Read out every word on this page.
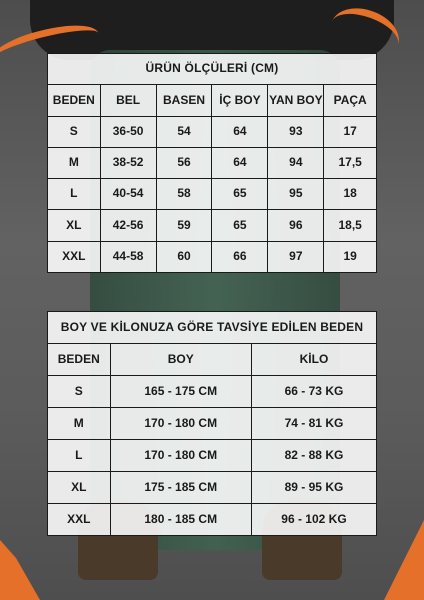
ÜRÜN ÖLÇÜLERİ (CM)					
BEDEN	BEL	BASEN	İÇ BOY	YAN BOY	PAÇA
S	36-50	54	64	93	17
M	38-52	56	64	94	17,5
L	40-54	58	65	95	18
XL	42-56	59	65	96	18,5
XXL	44-58	60	66	97	19
BOY VE KİLONUZA GÖRE TAVSİYE EDİLEN BEDEN		
BEDEN	BOY	KİLO
S	165 - 175 CM	66 - 73 KG
M	170 - 180 CM	74 - 81 KG
L	170 - 180 CM	82 - 88 KG
XL	175 - 185 CM	89 - 95 KG
XXL	180 - 185 CM	96 - 102 KG
